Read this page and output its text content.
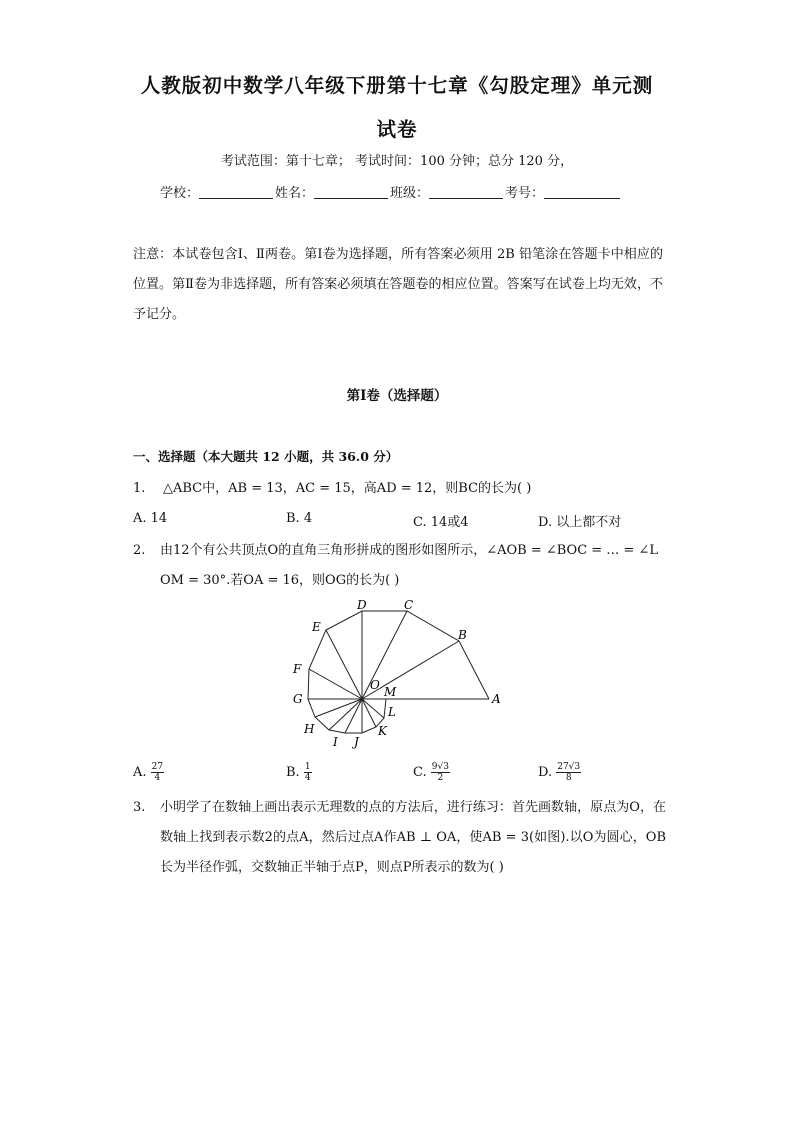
人教版初中数学八年级下册第十七章《勾股定理》单元测
试卷
考试范围：第十七章； 考试时间：100 分钟；总分 120 分，
学校：	姓名：	班级：	考号：
注意：本试卷包含Ⅰ、Ⅱ两卷。第Ⅰ卷为选择题，所有答案必须用 2B 铅笔涂在答题卡中相应的位置。第Ⅱ卷为非选择题，所有答案必须填在答题卷的相应位置。答案写在试卷上均无效，不予记分。
第Ⅰ卷（选择题）
一、选择题（本大题共 12 小题，共 36.0 分）
1. △ABC中，AB = 13，AC = 15，高AD = 12，则BC的长为( )
A. 14	B. 4	C. 14或4	D. 以上都不对
2. 由12个有公共顶点O的直角三角形拼成的图形如图所示，∠AOB = ∠BOC = … = ∠L
OM = 30°.若OA = 16，则OG的长为( )
D	C
E
B
F
O M	A
G
L
H	K
I J
A. $\frac{27}{4}$	B. $\frac{1}{4}$	C. $\frac{9√3}{2}$	D. $\frac{27√3}{8}$
3. 小明学了在数轴上画出表示无理数的点的方法后，进行练习：首先画数轴，原点为O，在数轴上找到表示数2的点A，然后过点A作AB ⊥ OA，使AB = 3(如图).以O为圆心，OB长为半径作弧，交数轴正半轴于点P，则点P所表示的数为( )
